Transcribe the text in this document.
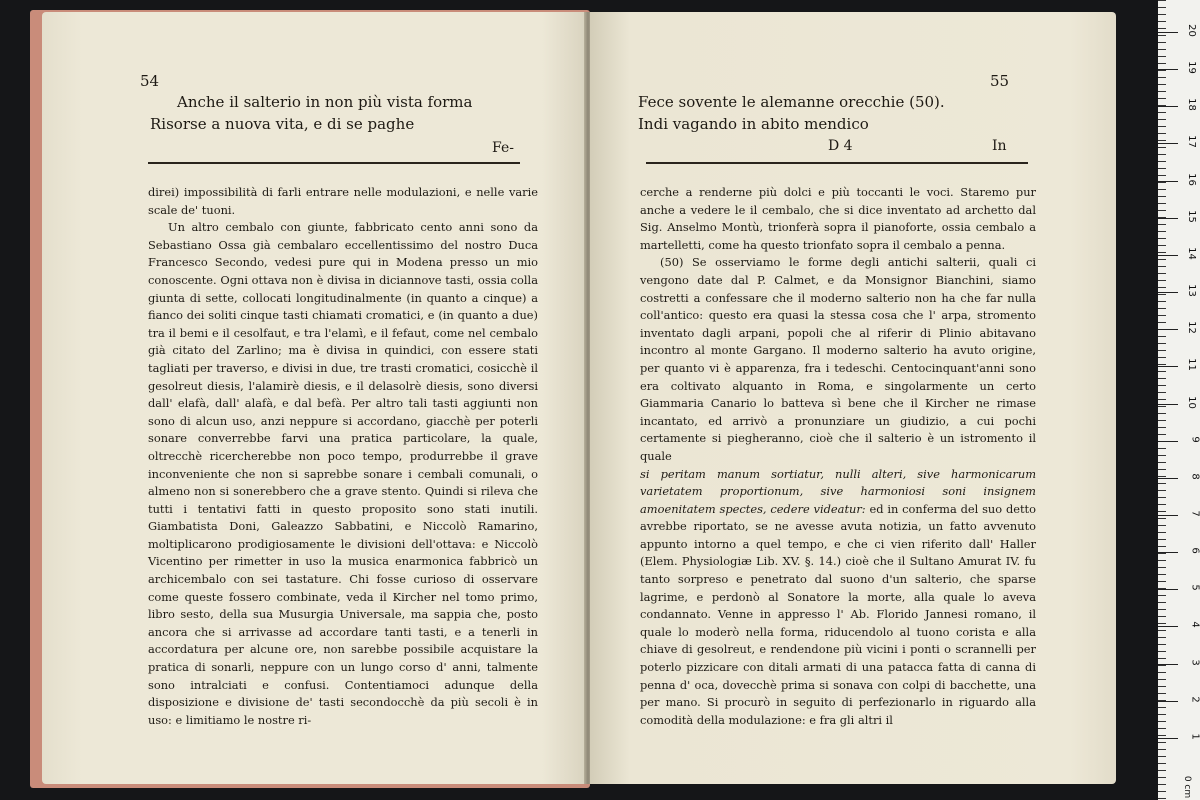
54
Anche il salterio in non più vista forma
Risorse a nuova vita, e di se paghe
Fe-

direi) impossibilità di farli entrare nelle modulazioni, e nelle varie scale de' tuoni.

Un altro cembalo con giunte, fabbricato cento anni sono da Sebastiano Ossa già cembalaro eccellentissimo del nostro Duca Francesco Secondo, vedesi pure qui in Modena presso un mio conoscente. Ogni ottava non è divisa in diciannove tasti, ossia colla giunta di sette, collocati longitudinalmente (in quanto a cinque) a fianco dei soliti cinque tasti chiamati cromatici, e (in quanto a due) tra il bemi e il cesolfaut, e tra l'elamì, e il fefaut, come nel cembalo già citato del Zarlino; ma è divisa in quindici, con essere stati tagliati per traverso, e divisi in due, tre trasti cromatici, cosicchè il gesolreut diesis, l'alamirè diesis, e il delasolrè diesis, sono diversi dall' elafà, dall' alafà, e dal befà. Per altro tali tasti aggiunti non sono di alcun uso, anzi neppure si accordano, giacchè per poterli sonare converrebbe farvi una pratica particolare, la quale, oltrecchè ricercherebbe non poco tempo, produrrebbe il grave inconveniente che non si saprebbe sonare i cembali comunali, o almeno non si sonerebbero che a grave stento. Quindi si rileva che tutti i tentativi fatti in questo proposito sono stati inutili. Giambatista Doni, Galeazzo Sabbatini, e Niccolò Ramarino, moltiplicarono prodigiosamente le divisioni dell'ottava: e Niccolò Vicentino per rimetter in uso la musica enarmonica fabbricò un archicembalo con sei tastature. Chi fosse curioso di osservare come queste fossero combinate, veda il Kircher nel tomo primo, libro sesto, della sua Musurgia Universale, ma sappia che, posto ancora che si arrivasse ad accordare tanti tasti, e a tenerli in accordatura per alcune ore, non sarebbe possibile acquistare la pratica di sonarli, neppure con un lungo corso d' anni, talmente sono intralciati e confusi. Contentiamoci adunque della disposizione e divisione de' tasti secondocchè da più secoli è in uso: e limitiamo le nostre ri-

55
Fece sovente le alemanne orecchie (50).
Indi vagando in abito mendico
D 4	In

cerche a renderne più dolci e più toccanti le voci. Staremo pur anche a vedere le il cembalo, che si dice inventato ad archetto dal Sig. Anselmo Montù, trionferà sopra il pianoforte, ossia cembalo a martelletti, come ha questo trionfato sopra il cembalo a penna.

(50) Se osserviamo le forme degli antichi salterii, quali ci vengono date dal P. Calmet, e da Monsignor Bianchini, siamo costretti a confessare che il moderno salterio non ha che far nulla coll'antico: questo era quasi la stessa cosa che l' arpa, stromento inventato dagli arpani, popoli che al riferir di Plinio abitavano incontro al monte Gargano. Il moderno salterio ha avuto origine, per quanto vi è apparenza, fra i tedeschi. Centocinquant'anni sono era coltivato alquanto in Roma, e singolarmente un certo Giammaria Canario lo batteva sì bene che il Kircher ne rimase incantato, ed arrivò a pronunziare un giudizio, a cui pochi certamente si piegheranno, cioè che il salterio è un istromento il quale

si peritam manum sortiatur, nulli alteri, sive harmonicarum varietatem proportionum, sive harmoniosi soni insignem amoenitatem spectes, cedere videatur: ed in conferma del suo detto avrebbe riportato, se ne avesse avuta notizia, un fatto avvenuto appunto intorno a quel tempo, e che ci vien riferito dall' Haller (Elem. Physiologiæ Lib. XV. §. 14.) cioè che il Sultano Amurat IV. fu tanto sorpreso e penetrato dal suono d'un salterio, che sparse lagrime, e perdonò al Sonatore la morte, alla quale lo aveva condannato. Venne in appresso l' Ab. Florido Jannesi romano, il quale lo moderò nella forma, riducendolo al tuono corista e alla chiave di gesolreut, e rendendone più vicini i ponti o scrannelli per poterlo pizzicare con ditali armati di una patacca fatta di canna di penna d' oca, dovecchè prima si sonava con colpi di bacchette, una per mano. Si procurò in seguito di perfezionarlo in riguardo alla comodità della modulazione: e fra gli altri il

0 cm
1
2
3
4
5
6
7
8
9
10
11
12
13
14
15
16
17
18
19
20
